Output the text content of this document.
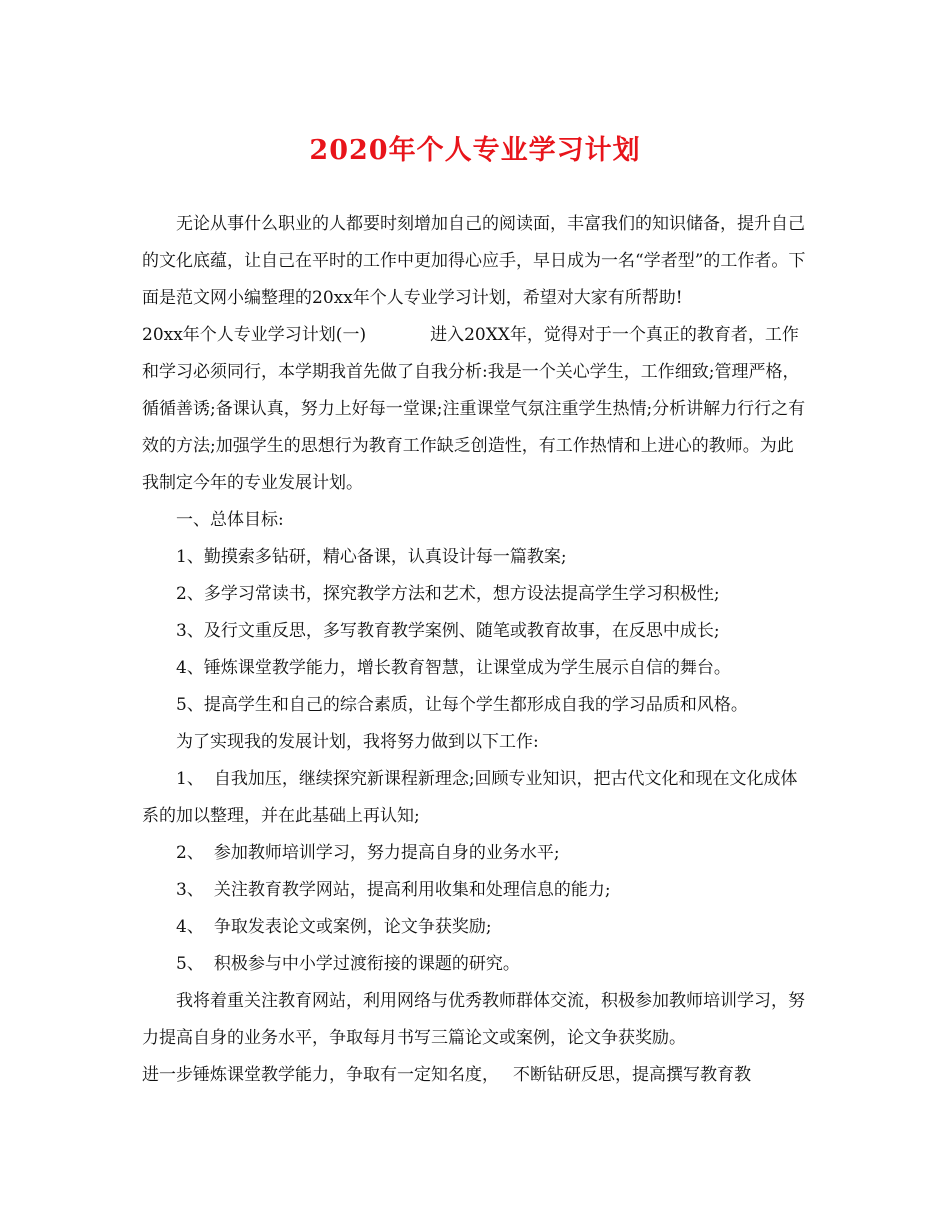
2020年个人专业学习计划

无论从事什么职业的人都要时刻增加自己的阅读面，丰富我们的知识储备，提升自己的文化底蕴，让自己在平时的工作中更加得心应手，早日成为一名“学者型”的工作者。下面是范文网小编整理的20xx年个人专业学习计划，希望对大家有所帮助!

20xx年个人专业学习计划(一)	进入20XX年，觉得对于一个真正的教育者，工作和学习必须同行，本学期我首先做了自我分析:我是一个关心学生，工作细致;管理严格，循循善诱;备课认真，努力上好每一堂课;注重课堂气氛注重学生热情;分析讲解力行行之有效的方法;加强学生的思想行为教育工作缺乏创造性，有工作热情和上进心的教师。为此我制定今年的专业发展计划。

一、总体目标:

1、勤摸索多钻研，精心备课，认真设计每一篇教案;

2、多学习常读书，探究教学方法和艺术，想方设法提高学生学习积极性;

3、及行文重反思，多写教育教学案例、随笔或教育故事，在反思中成长;

4、锤炼课堂教学能力，增长教育智慧，让课堂成为学生展示自信的舞台。

5、提高学生和自己的综合素质，让每个学生都形成自我的学习品质和风格。

为了实现我的发展计划，我将努力做到以下工作:

1、 自我加压，继续探究新课程新理念;回顾专业知识，把古代文化和现在文化成体系的加以整理，并在此基础上再认知;

2、 参加教师培训学习，努力提高自身的业务水平;

3、 关注教育教学网站，提高利用收集和处理信息的能力;

4、 争取发表论文或案例，论文争获奖励;

5、 积极参与中小学过渡衔接的课题的研究。

我将着重关注教育网站，利用网络与优秀教师群体交流，积极参加教师培训学习，努力提高自身的业务水平，争取每月书写三篇论文或案例，论文争获奖励。

进一步锤炼课堂教学能力，争取有一定知名度， 不断钻研反思，提高撰写教育教
